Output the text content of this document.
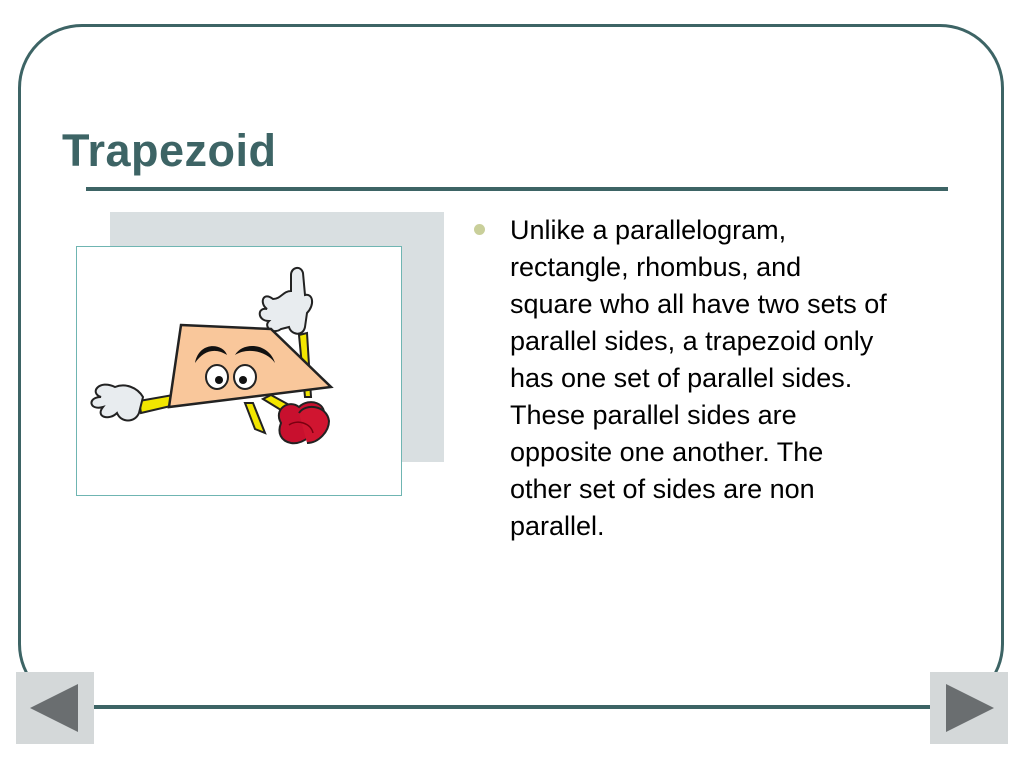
Trapezoid
Unlike a parallelogram,
rectangle, rhombus, and
square who all have two sets of
parallel sides, a trapezoid only
has one set of parallel sides.
These parallel sides are
opposite one another. The
other set of sides are non
parallel.
